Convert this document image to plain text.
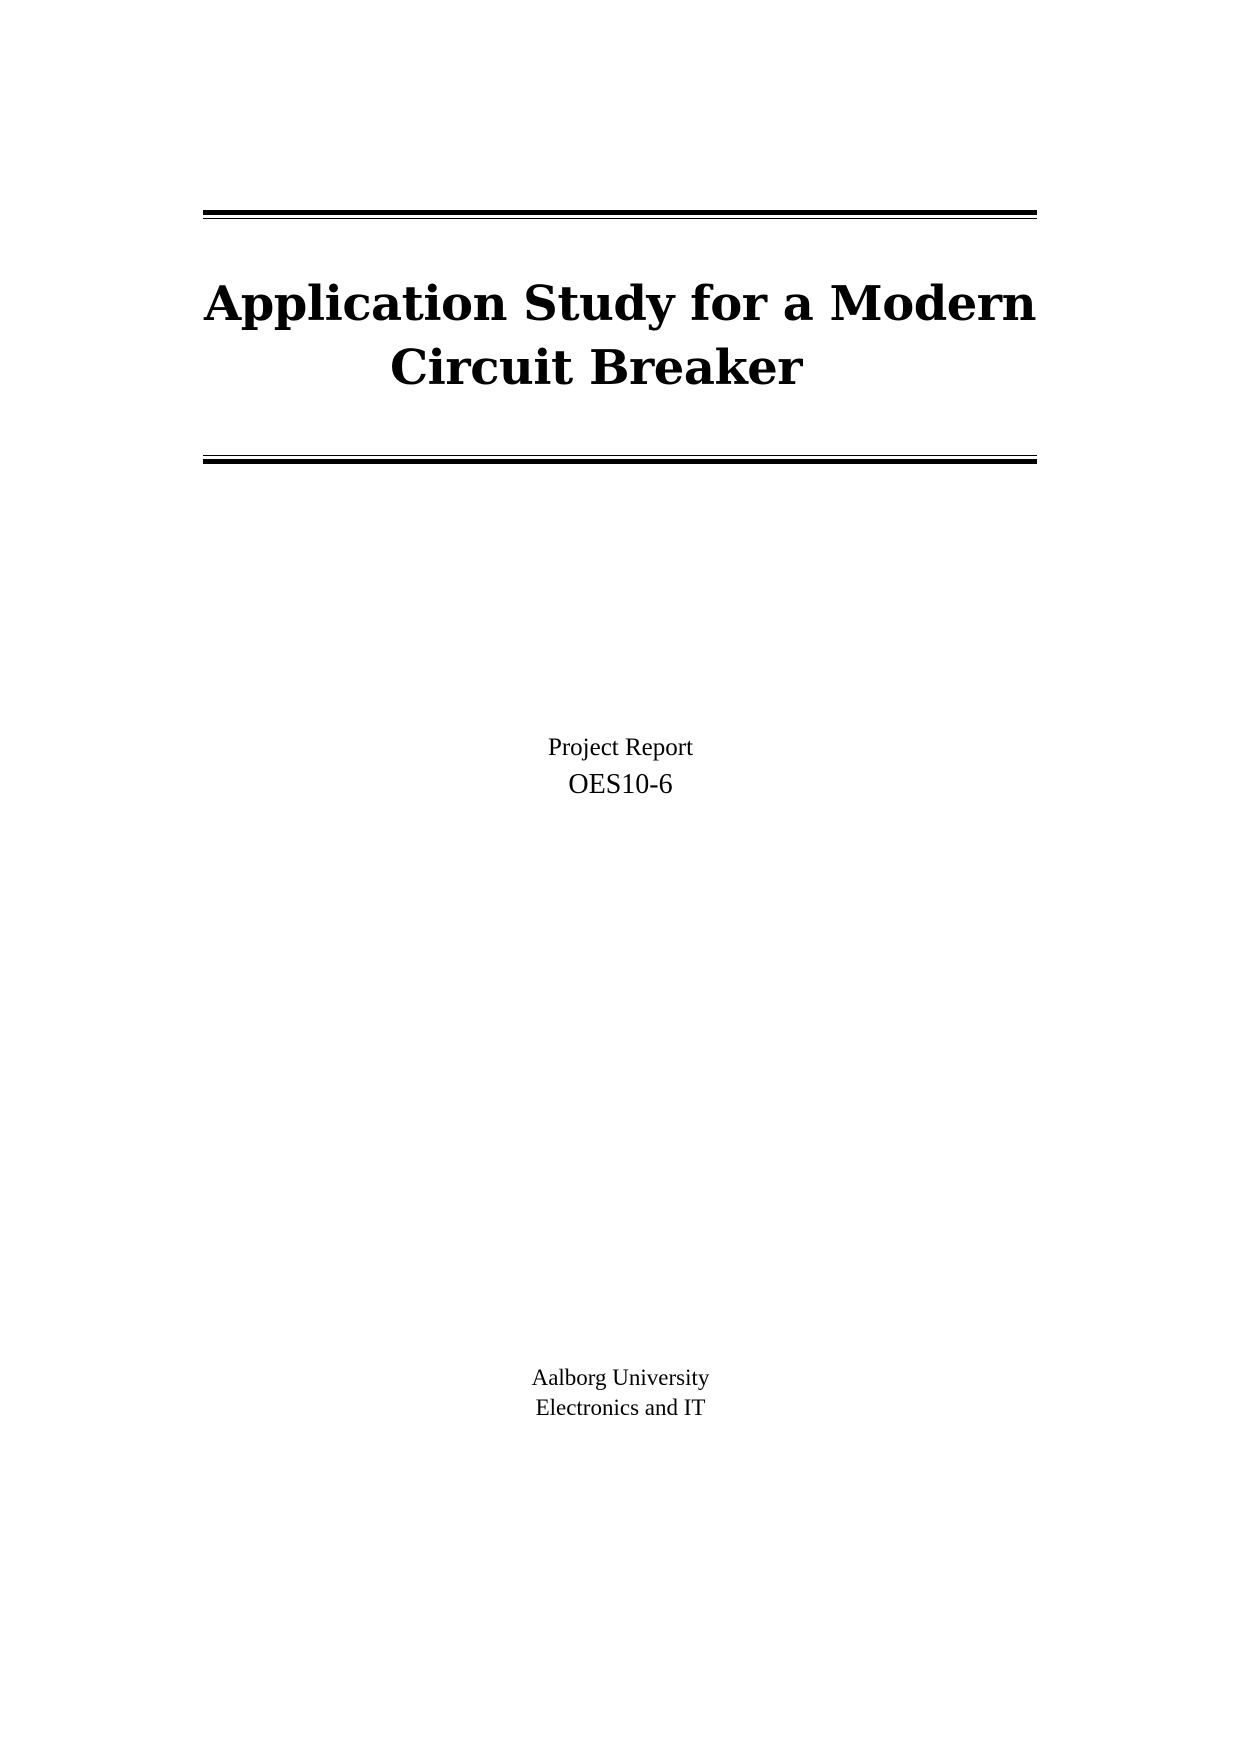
Application Study for a Modern
Circuit Breaker
Project Report
OES10-6
Aalborg University
Electronics and IT
